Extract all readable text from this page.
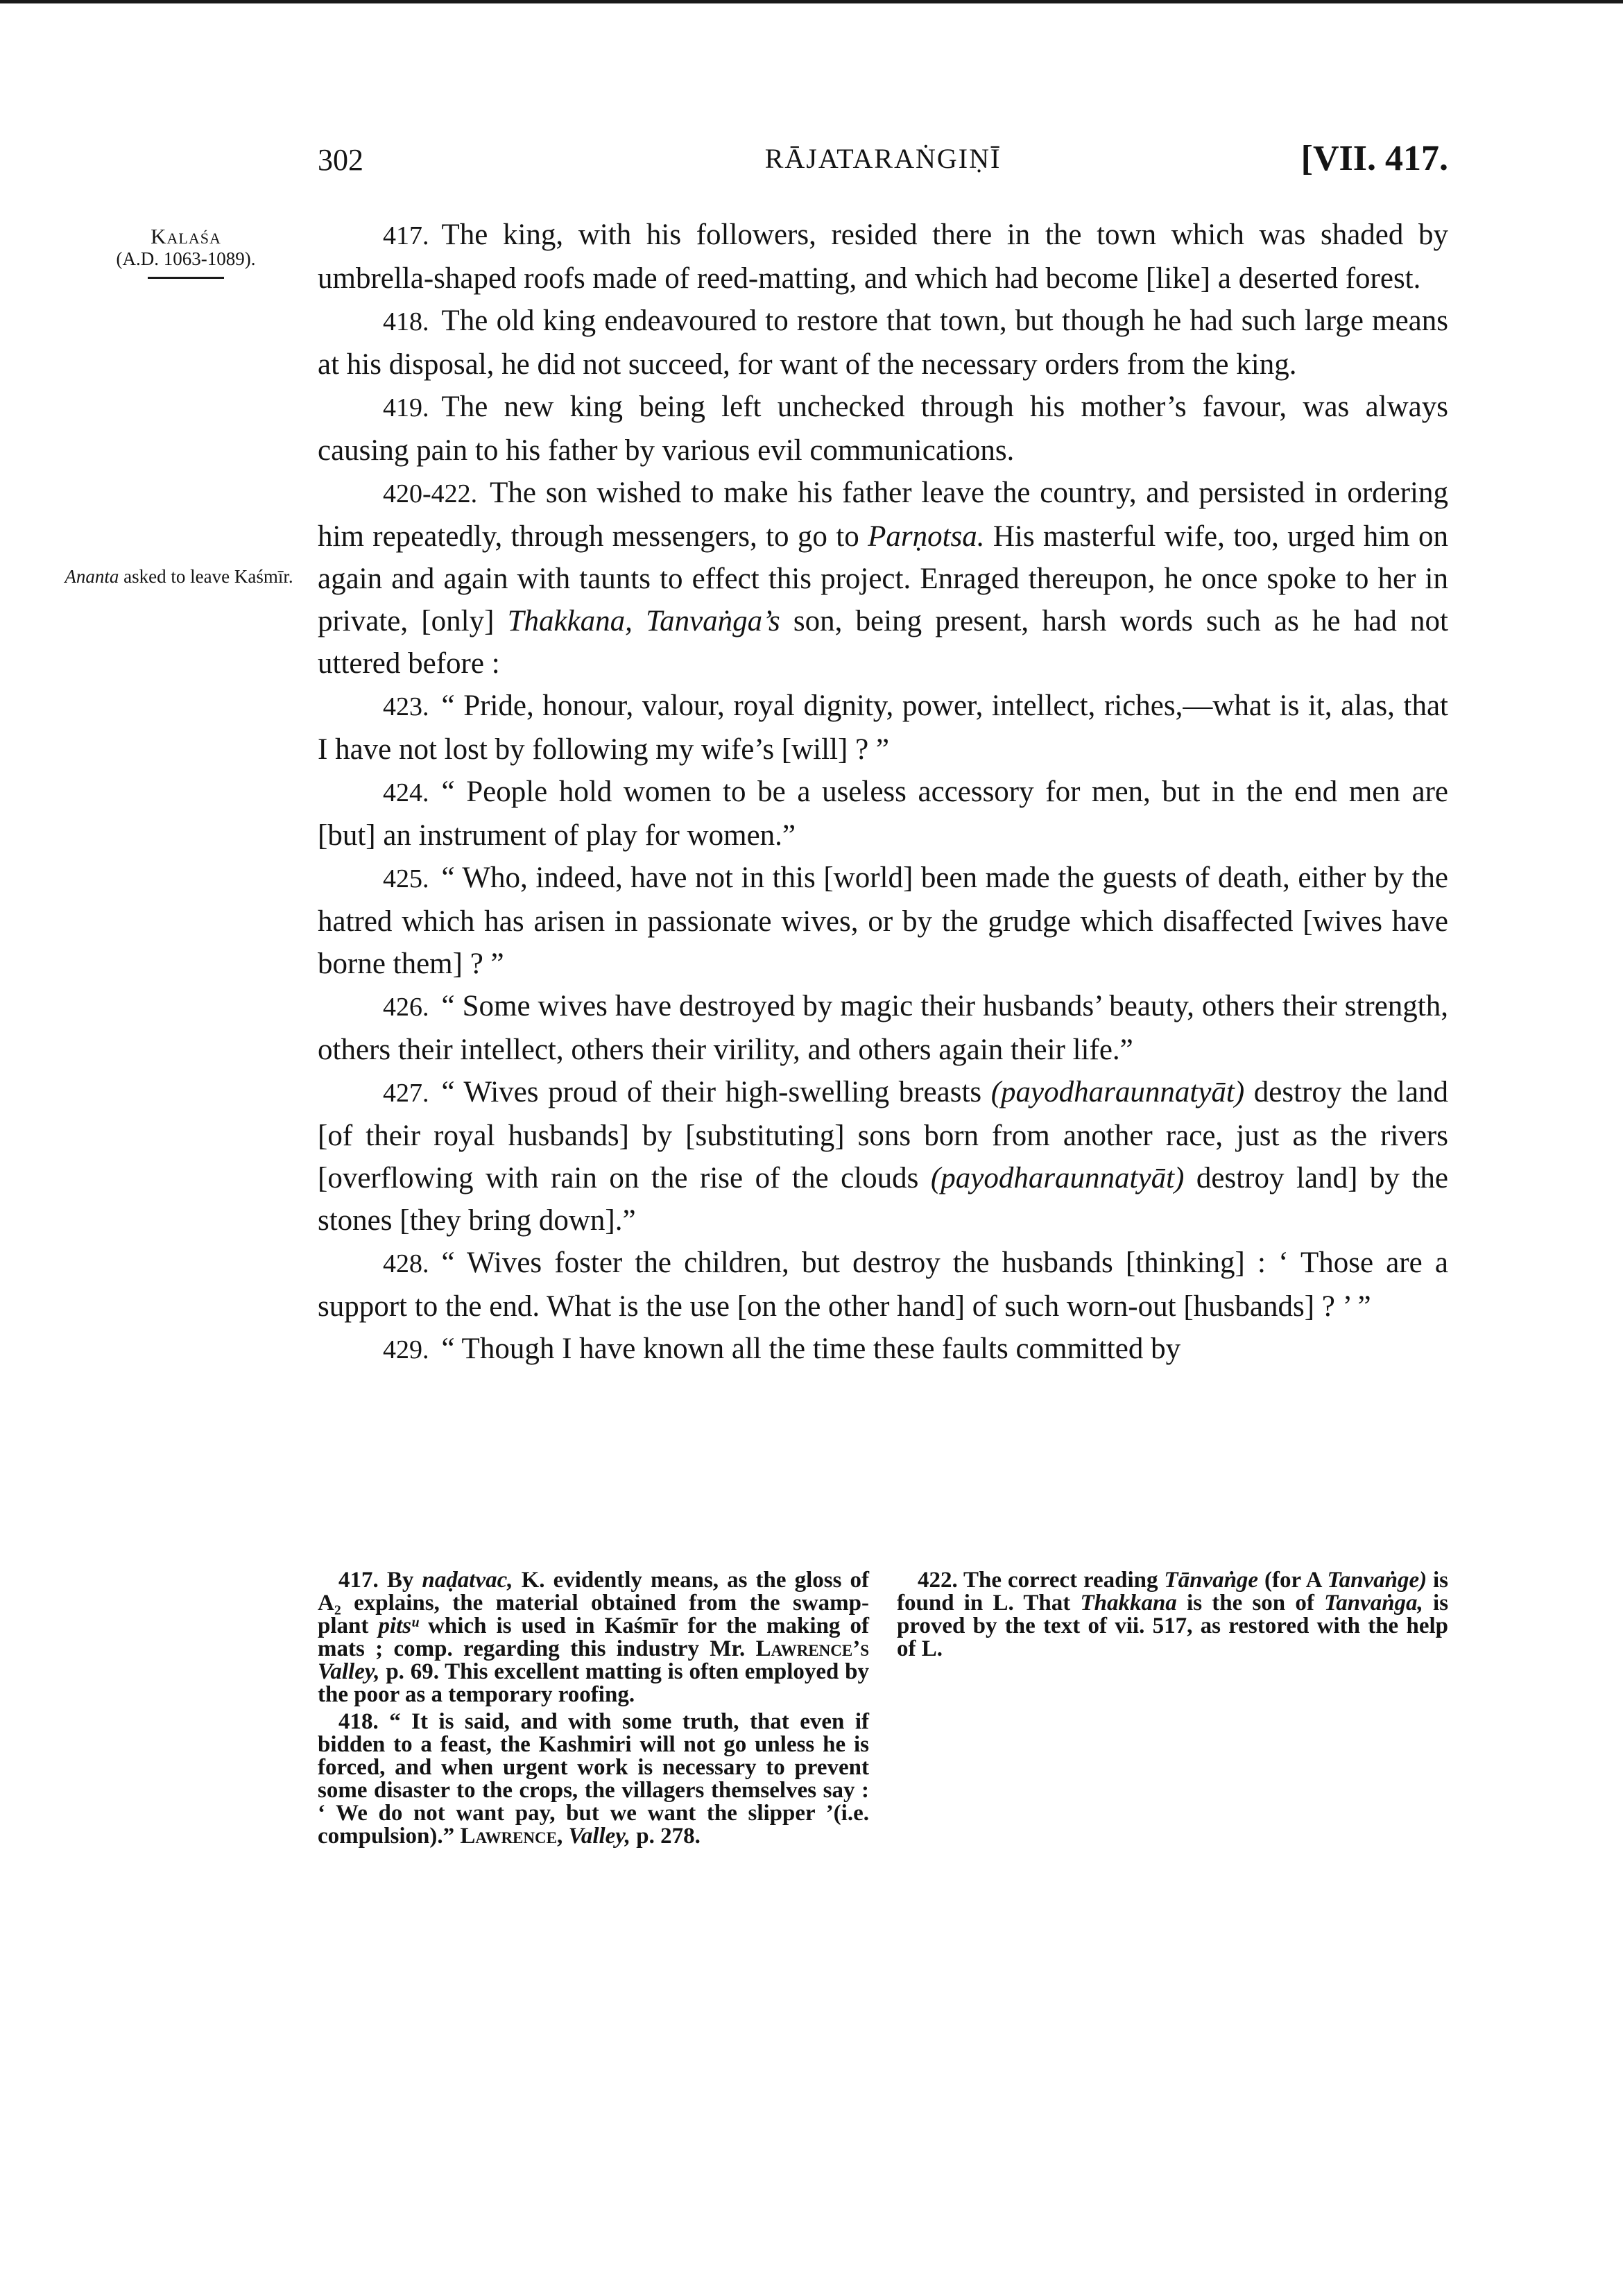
302	RĀJATARAṄGIṆĪ	[VII. 417.
Kalaśa
(A.D. 1063-1089).
Ananta asked to leave Kaśmīr.

417. The king, with his followers, resided there in the town which was shaded by umbrella-shaped roofs made of reed-matting, and which had become [like] a deserted forest.

418. The old king endeavoured to restore that town, but though he had such large means at his disposal, he did not succeed, for want of the necessary orders from the king.

419. The new king being left unchecked through his mother’s favour, was always causing pain to his father by various evil communications.

420-422. The son wished to make his father leave the country, and persisted in ordering him repeatedly, through messengers, to go to Parṇotsa. His masterful wife, too, urged him on again and again with taunts to effect this project. Enraged thereupon, he once spoke to her in private, [only] Thakkana, Tanvaṅga’s son, being present, harsh words such as he had not uttered before :

423. “ Pride, honour, valour, royal dignity, power, intellect, riches,—what is it, alas, that I have not lost by following my wife’s [will] ? ”

424. “ People hold women to be a useless accessory for men, but in the end men are [but] an instrument of play for women.”

425. “ Who, indeed, have not in this [world] been made the guests of death, either by the hatred which has arisen in passionate wives, or by the grudge which disaffected [wives have borne them] ? ”

426. “ Some wives have destroyed by magic their husbands’ beauty, others their strength, others their intellect, others their virility, and others again their life.”

427. “ Wives proud of their high-swelling breasts (payodharaunnatyāt) destroy the land [of their royal husbands] by [substituting] sons born from another race, just as the rivers [overflowing with rain on the rise of the clouds (payodharaunnatyāt) destroy land] by the stones [they bring down].”

428. “ Wives foster the children, but destroy the husbands [thinking] : ‘ Those are a support to the end. What is the use [on the other hand] of such worn-out [husbands] ? ’ ”

429. “ Though I have known all the time these faults committed by

417. By naḍatvac, K. evidently means, as the gloss of A₂ explains, the material obtained from the swamp-plant pitsᵘ which is used in Kaśmīr for the making of mats ; comp. regarding this industry Mr. Lawrence’s Valley, p. 69. This excellent matting is often employed by the poor as a temporary roofing.

418. “ It is said, and with some truth, that even if bidden to a feast, the Kashmiri will not go unless he is forced, and when urgent work is necessary to prevent some disaster to the crops, the villagers themselves say : ‘ We do not want pay, but we want the slipper ’(i.e. compulsion).” Lawrence, Valley, p. 278.

422. The correct reading Tānvaṅge (for A Tanvaṅge) is found in L. That Thakkana is the son of Tanvaṅga, is proved by the text of vii. 517, as restored with the help of L.
